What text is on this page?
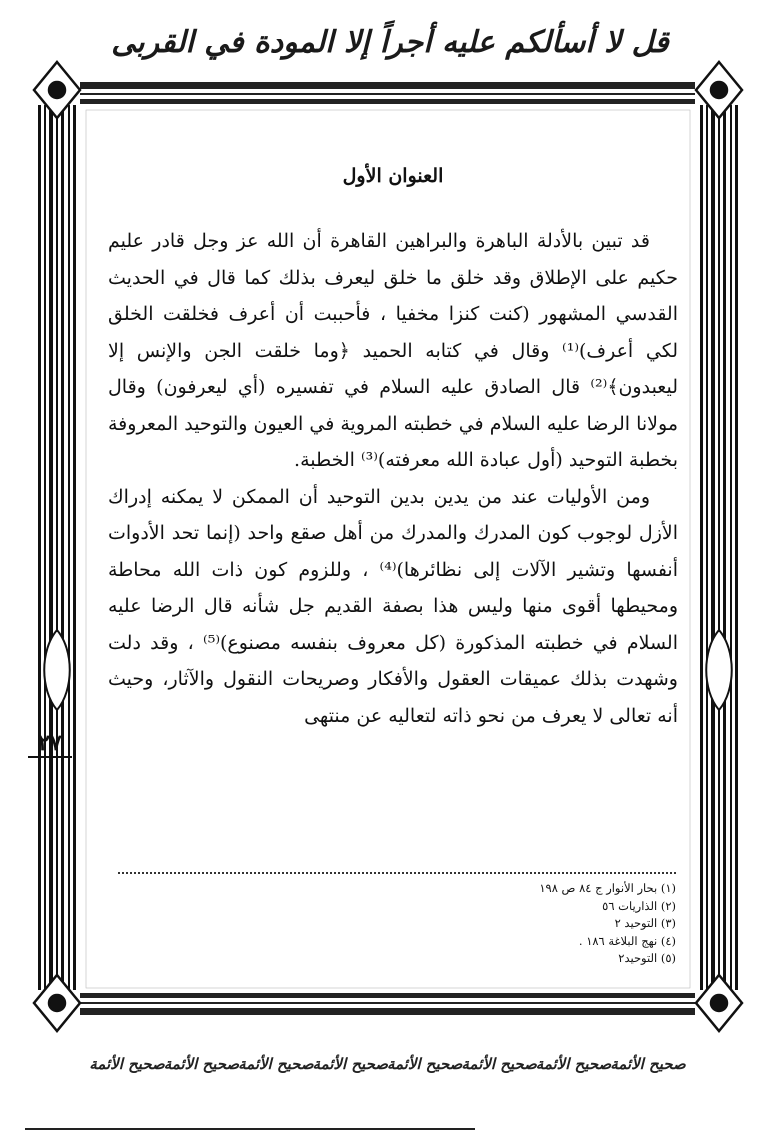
قل لا أسألكم عليه أجراً إلا المودة في القربى
٢٧
العنوان الأول

قد تبين بالأدلة الباهرة والبراهين القاهرة أن الله عز وجل قادر عليم حكيم على الإطلاق وقد خلق ما خلق ليعرف بذلك كما قال في الحديث القدسي المشهور (كنت كنزا مخفيا ، فأحببت أن أعرف فخلقت الخلق لكي أعرف)⁽¹⁾ وقال في كتابه الحميد ﴿وما خلقت الجن والإنس إلا ليعبدون﴾⁽²⁾ قال الصادق عليه السلام في تفسيره (أي ليعرفون) وقال مولانا الرضا عليه السلام في خطبته المروية في العيون والتوحيد المعروفة بخطبة التوحيد (أول عبادة الله معرفته)⁽³⁾ الخطبة.

ومن الأوليات عند من يدين بدين التوحيد أن الممكن لا يمكنه إدراك الأزل لوجوب كون المدرك والمدرك من أهل صقع واحد (إنما تحد الأدوات أنفسها وتشير الآلات إلى نظائرها)⁽⁴⁾ ، وللزوم كون ذات الله محاطة ومحيطها أقوى منها وليس هذا بصفة القديم جل شأنه قال الرضا عليه السلام في خطبته المذكورة (كل معروف بنفسه مصنوع)⁽⁵⁾ ، وقد دلت وشهدت بذلك عميقات العقول والأفكار وصريحات النقول والآثار، وحيث أنه تعالى لا يعرف من نحو ذاته لتعاليه عن منتهى

(١) بحار الأنوار ج ٨٤ ص ١٩٨

(٢) الذاريات ٥٦

(٣) التوحيد ٢

(٤) نهج البلاغة ١٨٦ .

(٥) التوحيد٢

صحيح الأئمة
صحيح الأئمة
صحيح الأئمة
صحيح الأئمة
صحيح الأئمة
صحيح الأئمة
صحيح الأئمة
صحيح الأئمة
